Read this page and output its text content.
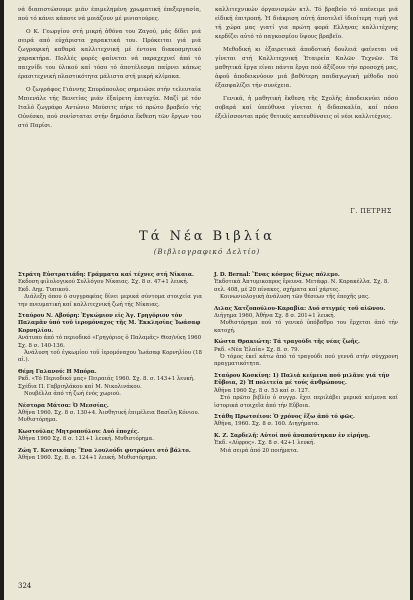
νά διαπιστώσουμε μιάν έπιμελημένη χρωματική έπεξεργασία, πού τό κάνει κάποτε νά μοιάζουν μέ μινιατούρες.

Ο Κ. Γεωργίου στή μικρή ἀθόνα του Ζαγού, μάς δίδει μιά σειρά από εύχάριστα χαρακτικά του. Πρόκειται γιά μιά ζωγραφική καθαρά καλλιτεχνική μέ έντονα διακοσμητικό χαρακτήρα. Πολλές φορές φαίνεται νά παραχεχνεί άπό τό παιχνίδι του ύλικού καί τόσο τό ἀποτέλεσμα παίρνει κάπως έρασιτεχνική πλαστικότητα μάλιστα στή μικρή κλίμακα.

Ο ζωγράφος Γιάννης Σπυρόπουλος σημειώσε στήν τελευταία Μπιενάλε τής Βενετίας μιάν ἐξαίρετη ἐπιτυχία. Μαζί μέ τόν Ιταλό ζωγράφο Αντώνιο Μούσιτς πήρε τό πρώτο βραβείο τής Οὐνέσκο, πού συνίσταται στήν δημόσια ἔκθεση τῶν ἔργων του στό Παρίσι.

καλλιτεχνικών όργανισμών κτλ. Τό βραβείο τό απένειμε μιά εἰδική ἐπιτροπή. Ἡ διάκριση αὐτή ἀποτελεῖ ἰδιαίτερη τιμή γιά τή χώρα μας γιατί για πρώτη φορά Ελληνας καλλιτέχνης κερδίζει αὐτό τό παγκοσμίου ὕψους βραβεῖο.

Μεθοδική κι ἐξαιρετικά ἀποδοτική δουλειά φαίνεται νά γίνεται στή Καλλιτεχνική Ἑταιρεία Καλῶν Τεχνῶν. Τά μαθητικά ἔργα είναι πάντα ἔργα πού ἀξίζουν τήν προσοχή μας, ἀφοῦ ἀποδεικνύουν μιά βαθύτερη παιδαγωγική μέθοδο πού ἐξασφαλίζει τήν συνέχεια.

Γενικά, ἡ μαθητική ἔκθεση τῆς Σχολῆς ἀποδεικνύει πόσο σοβαρά καί ὑπεύθυνα γίνεται ἡ διδασκαλία, καί πόσο ἐξελίσσονται πρός θετικές κατευθύνσεις οἱ νέοι καλλιτέχνες.

Γ. ΠΕΤΡΗΣ
Τά Νέα Βιβλία
(Βιβλιογραφικό Δελτίο)
Στράτη Εὐστρατιάδη: Γράμματα καί τέχνες στή Νίκαια.
Εκδοση φιλολογικού Συλλόγου Νίκαιας. Σχ. 8 σ. 47+1 λευκή. Εκδ. Δημ. Τυπικού.
Διάλεξη όπου ό συγγραφέας δίνει μερικά σύντομα στοιχεία για την πνευματική καί καλλιτεχνική ζωή τής Νίκαιας.
Σταύρου Ν. Αβούρη: Ἐγκώμιον εἰς Ἀγ. Γρηγόριον τόν Παλαμᾶν ὑπό τοῦ ἱερομόναχος τῆς Μ. Ἐκκλησίας Ἰωάσαφ Κορνηλίου.
Ανάτυπο ἀπό τό περιοδικό «Γρηγόριος ὁ Παλαμᾶς» Θεσ/νίκη 1960 Σχ. 8 σ. 140-136.
Ἀνάλυση τοῦ ἐγκωμίου τοῦ ἱερομόναχου Ἰωάσαφ Κορνηλίου (18 αἰ.).
Θέμη Γαλανού: Η Μπόρα.
Ρκδ. «Τό Περιοδικό μας» Πειραιάς 1960. Σχ. 8. σ. 143+1 λευκή. Σχέδια Π. Γαβριηλάκου καί Μ. Νικολινάκου.
Νουβέλλα ἀπό τή ζωή ένός χωριού.
Νέστορα Μάτσα: Ὁ Μεσσίας.
Ἀθήνα 1960. Σχ. 8 σ. 130+4. Ἀισθητική ἐπιμέλεια Βασίλη Κόνιου. Μυθιστόρημα.
Κωστούλας Μητροπούλου: Δυό ἐποχές.
Ἀθήνα 1960 Σχ. 8 σ. 121+1 λευκή. Μυθιστόρημα.
Ζώη Τ. Κοτσικόπη: Ἕνα λουλούδι φυτρώνει στό βάλτο.
Ἀθήνα 1960. Σχ. 8. σ. 124+1 λευκή. Μυθιστόρημα.
J. D. Bernal: Ἕνας κόσμος δίχως πόλεμο.
Ἐκδοτικὰ Ἀπτυμικοπρος ἔρευνα. Μετάφρ. Ν. Καρακέλλα. Σχ. 8. σελ. 408, μέ 20 πίνακες, σχήματα καί χάρτες.
Κοινωνιολογική ἀνάλυση τῶν θέσεων τῆς ἐποχῆς μας.
Λιλας Χατζοπούλου-Καραβία: Δυό στιγμές τοῦ αἰῶνου.
Διήγημα 1960, Ἀθήνα Σχ. 8 σ. 201+1 λευκή.
Μυθιστόρημα πού τό γενικό ὑπόβαθρο του ἔρχεται ἀπό τήν κατοχή.
Κώστα Θρακιώτη: Τά τραγούδι τῆς νέας ζωῆς.
Ρκδ. «Νέα Ἐλαία» Σχ. 8. σ. 79.
Ὁ τόμος ἐκεῖ κάτω ἀπό τό τραγούδι πού γεννᾶ στήν σύγχρονη πραγματικότητα.
Σταύρου Κοσκίνη: 1) Παλιά κείμενα πού μιλᾶνε γιά τήν Εὔβοια, 2) Ἡ πολιτεία μέ τούς ἀνθρώπους.
Ἀθήνα 1960 Σχ. 8 σ. 53 καί σ. 127.
Στό πρῶτο βιβλίο ὁ συγγρ. ἔχει περιλάβει μερικά κείμενα καί ἱστορικά στοιχεῖα ἀπό τήν Εὔβοια.
Στάθη Πρωτσέιου: Ὁ χρόνος ἔξω ἀπό τό φῶς.
Ἀθήνα, 1960. Σχ. 8 σ. 160. Διηγήματα.
Κ. Ζ. Σαρδελῆ: Αὐτοί πού ἀναπαύτηκαν ἐν εἰρήνῃ.
Ἐκδ. «Δίφρος». Σχ. 8 σ. 42+1 λευκή.
Μιά σειρά ἀπό 20 ποιήματα.
324
